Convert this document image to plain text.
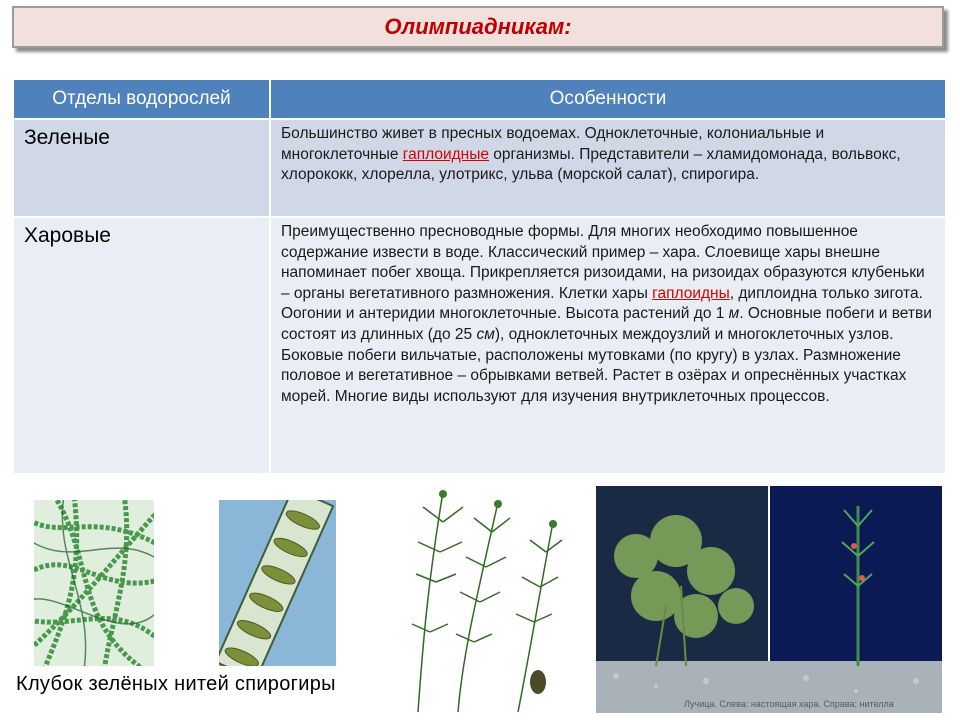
Олимпиадникам:
Отделы водорослей	Особенности
Зеленые	Большинство живет в пресных водоемах. Одноклеточные, колониальные и многоклеточные гаплоидные организмы. Представители – хламидомонада, вольвокс, хлорококк, хлорелла, улотрикс, ульва (морской салат), спирогира.
Харовые	Преимущественно пресноводные формы. Для многих необходимо повышенное содержание извести в воде. Классический пример – хара. Слоевище хары внешне напоминает побег хвоща. Прикрепляется ризоидами, на ризоидах образуются клубеньки – органы вегетативного размножения. Клетки хары гаплоидны, диплоидна только зигота. Оогонии и антеридии многоклеточные. Высота растений до 1 м. Основные побеги и ветви состоят из длинных (до 25 см), одноклеточных междоузлий и многоклеточных узлов. Боковые побеги вильчатые, расположены мутовками (по кругу) в узлах. Размножение половое и вегетативное – обрывками ветвей. Растет в озёрах и опреснённых участках морей. Многие виды используют для изучения внутриклеточных процессов.
Лучица. Слева: настоящая хара. Справа: нителла
Клубок зелёных нитей спирогиры
